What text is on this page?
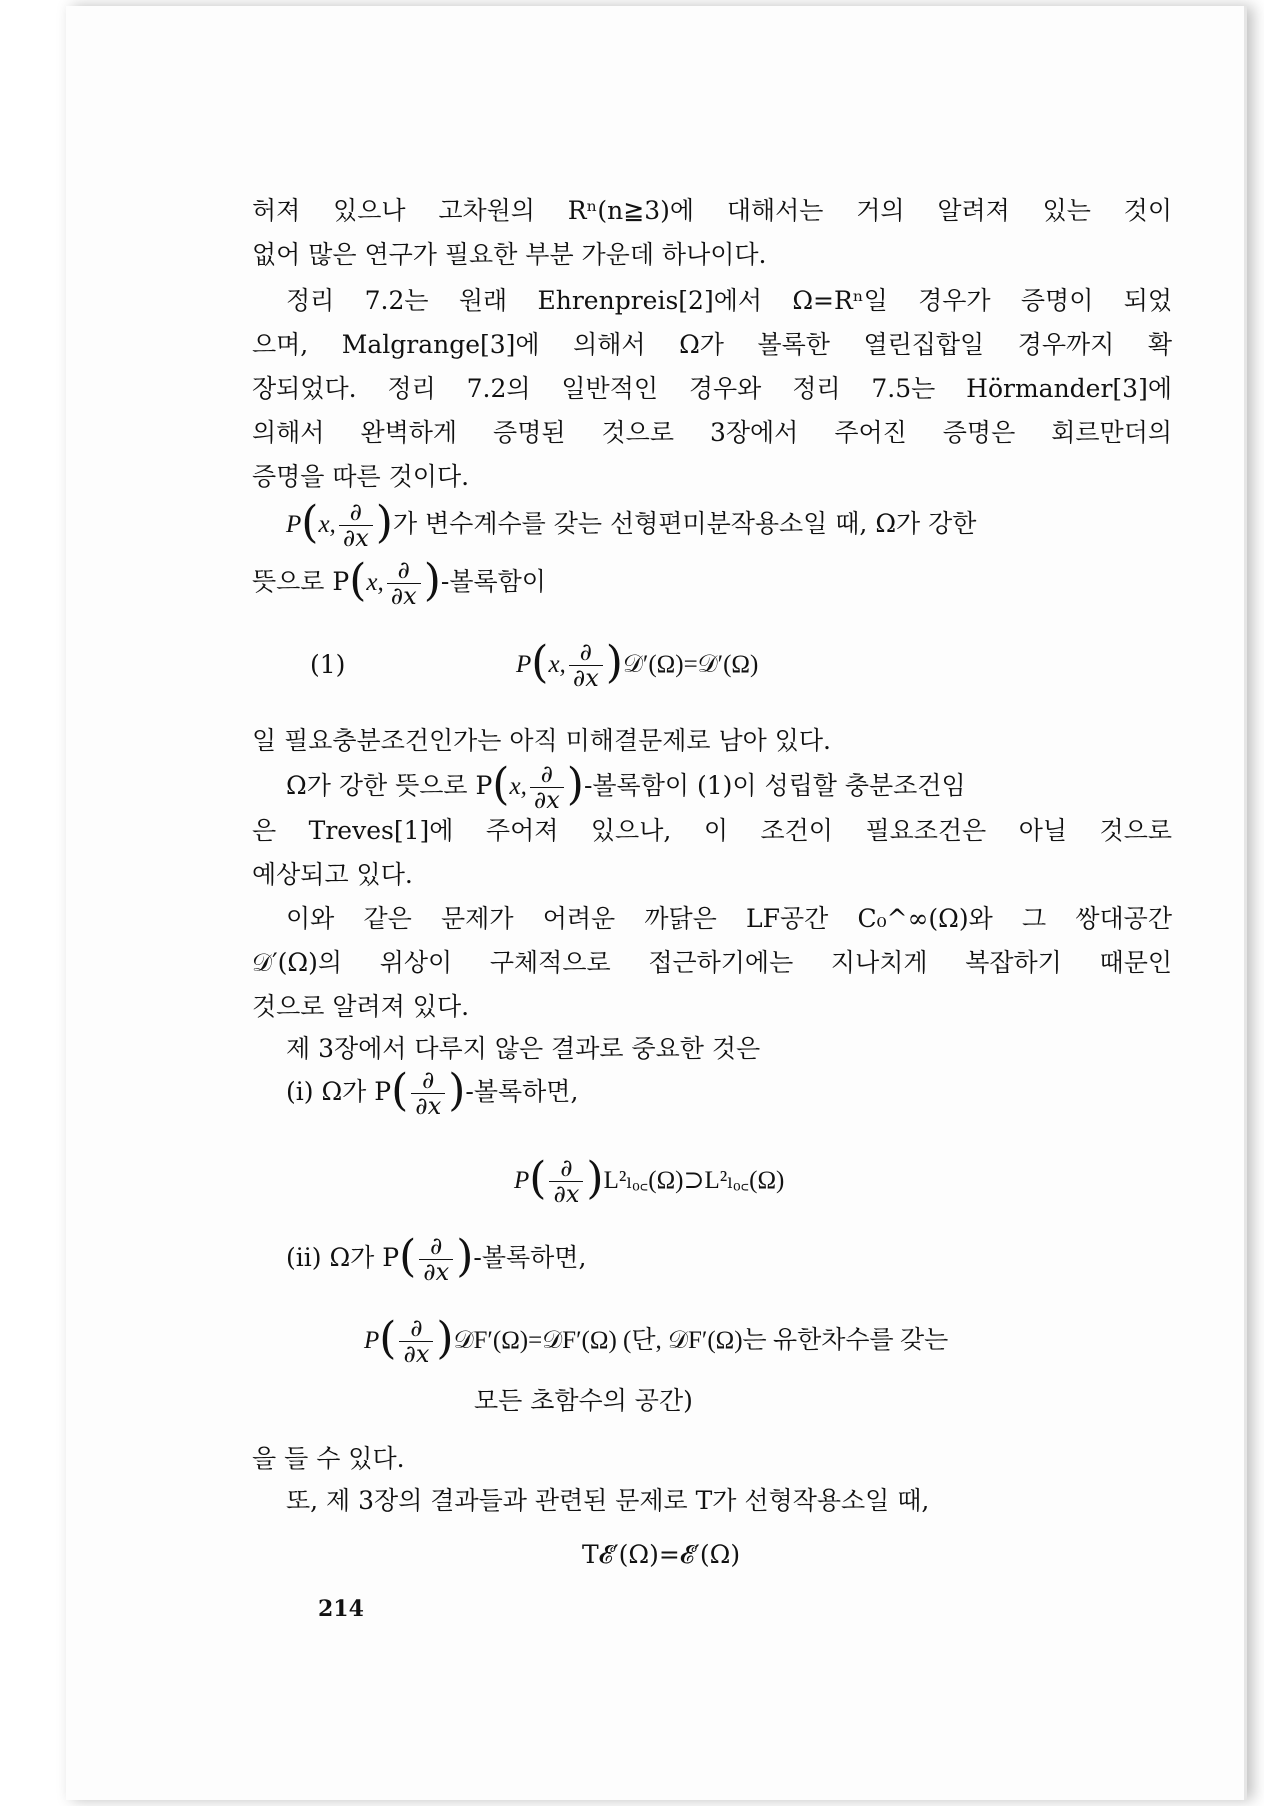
허져 있으나 고차원의 Rⁿ(n≧3)에 대해서는 거의 알려져 있는 것이
없어 많은 연구가 필요한 부분 가운데 하나이다.
정리 7.2는 원래 Ehrenpreis[2]에서 Ω=Rⁿ일 경우가 증명이 되었
으며, Malgrange[3]에 의해서 Ω가 볼록한 열린집합일 경우까지 확
장되었다. 정리 7.2의 일반적인 경우와 정리 7.5는 Hörmander[3]에
의해서 완벽하게 증명된 것으로 3장에서 주어진 증명은 회르만더의
증명을 따른 것이다.
P(x, $\frac{\partial}{\partial x}$ )가 변수계수를 갖는 선형편미분작용소일 때, Ω가 강한
뜻으로 P(x, $\frac{\partial}{\partial x}$ )-볼록함이
(1)	P(x, $\frac{\partial}{\partial x}$ )𝒟′(Ω)=𝒟′(Ω)
일 필요충분조건인가는 아직 미해결문제로 남아 있다.
Ω가 강한 뜻으로 P(x, $\frac{\partial}{\partial x}$ )-볼록함이 (1)이 성립할 충분조건임
은 Treves[1]에 주어져 있으나, 이 조건이 필요조건은 아닐 것으로
예상되고 있다.
이와 같은 문제가 어려운 까닭은 LF공간 C₀^∞(Ω)와 그 쌍대공간
𝒟′(Ω)의 위상이 구체적으로 접근하기에는 지나치게 복잡하기 때문인
것으로 알려져 있다.
제 3장에서 다루지 않은 결과로 중요한 것은
(i) Ω가 $P( \frac{\partial}{\partial x}$ )-볼록하면,
$P( \frac{\partial}{\partial x}$ )L²ₗₒ꜀(Ω)⊃L²ₗₒ꜀(Ω)
(ii) Ω가 $P( \frac{\partial}{\partial x}$ )-볼록하면,
$P( \frac{\partial}{\partial x}$ )𝒟F′(Ω)=𝒟F′(Ω) (단, 𝒟F′(Ω)는 유한차수를 갖는
모든 초함수의 공간)
을 들 수 있다.
또, 제 3장의 결과들과 관련된 문제로 T가 선형작용소일 때,
T𝓔′(Ω)=𝓔′(Ω)
214
